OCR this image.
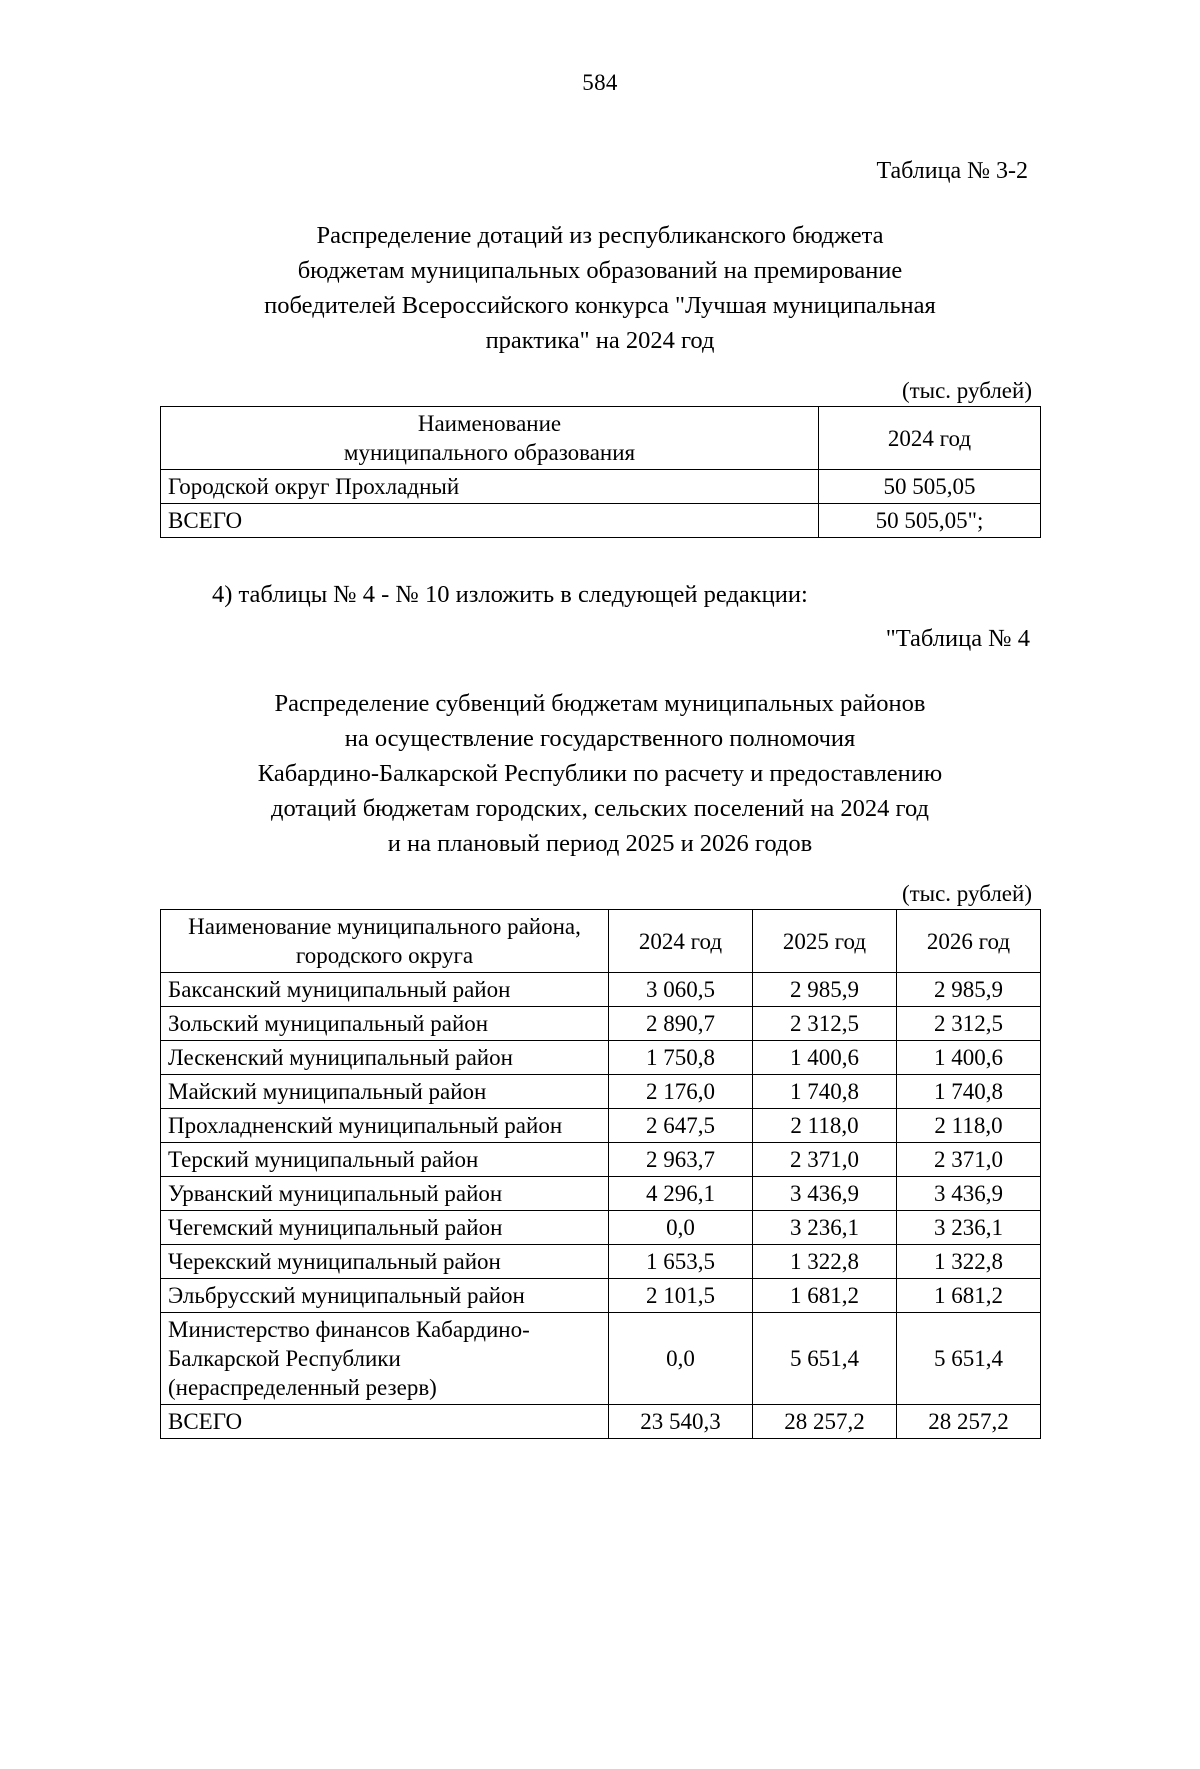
584
Таблица № 3-2
Распределение дотаций из республиканского бюджета
бюджетам муниципальных образований на премирование
победителей Всероссийского конкурса "Лучшая муниципальная
практика" на 2024 год
(тыс. рублей)
Наименование
муниципального образования	2024 год
Городской округ Прохладный	50 505,05
ВСЕГО	50 505,05";
4) таблицы № 4 - № 10 изложить в следующей редакции:
"Таблица № 4
Распределение субвенций бюджетам муниципальных районов
на осуществление государственного полномочия
Кабардино-Балкарской Республики по расчету и предоставлению
дотаций бюджетам городских, сельских поселений на 2024 год
и на плановый период 2025 и 2026 годов
(тыс. рублей)
Наименование муниципального района,
городского округа	2024 год	2025 год	2026 год
Баксанский муниципальный район	3 060,5	2 985,9	2 985,9
Зольский муниципальный район	2 890,7	2 312,5	2 312,5
Лескенский муниципальный район	1 750,8	1 400,6	1 400,6
Майский муниципальный район	2 176,0	1 740,8	1 740,8
Прохладненский муниципальный район	2 647,5	2 118,0	2 118,0
Терский муниципальный район	2 963,7	2 371,0	2 371,0
Урванский муниципальный район	4 296,1	3 436,9	3 436,9
Чегемский муниципальный район	0,0	3 236,1	3 236,1
Черекский муниципальный район	1 653,5	1 322,8	1 322,8
Эльбрусский муниципальный район	2 101,5	1 681,2	1 681,2

Министерство финансов Кабардино-
Балкарской Республики
(нераспределенный резерв)	0,0	5 651,4	5 651,4
ВСЕГО	23 540,3	28 257,2	28 257,2
